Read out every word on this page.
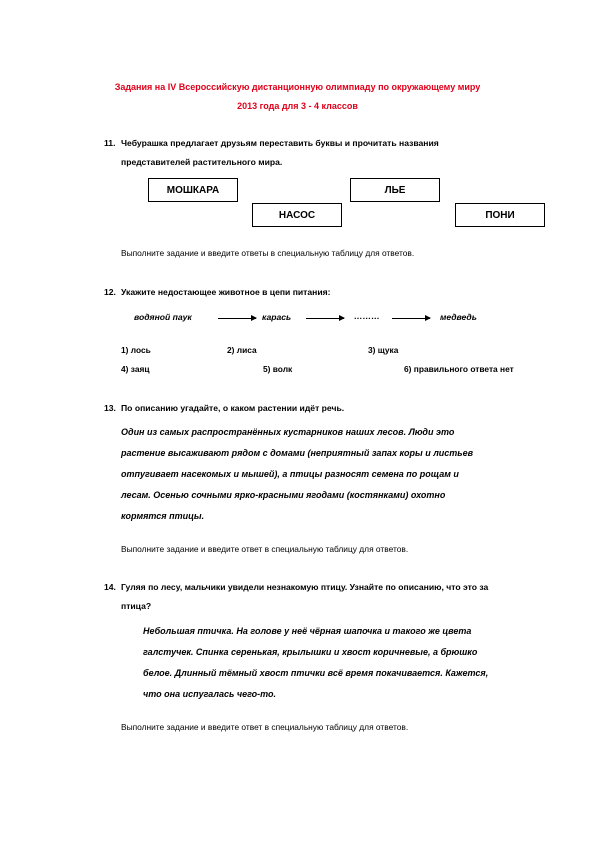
Задания на IV Всероссийскую дистанционную олимпиаду по окружающему миру
2013 года для 3 - 4 классов
11. Чебурашка предлагает друзьям переставить буквы и прочитать названия
представителей растительного мира.
МОШКАРА
НАСОС
ЛЬЕ
ПОНИ
Выполните задание и введите ответы в специальную таблицу для ответов.
12. Укажите недостающее животное в цепи питания:
водяной паук	карась	………	медведь
1) лось	2) лиса	3) щука
4) заяц	5) волк	6) правильного ответа нет
13. По описанию угадайте, о каком растении идёт речь.
Один из самых распространённых кустарников наших лесов. Люди это
растение высаживают рядом с домами (неприятный запах коры и листьев
отпугивает насекомых и мышей), а птицы разносят семена по рощам и
лесам. Осенью сочными ярко-красными ягодами (костянками) охотно
кормятся птицы.
Выполните задание и введите ответ в специальную таблицу для ответов.
14. Гуляя по лесу, мальчики увидели незнакомую птицу. Узнайте по описанию, что это за
птица?
Небольшая птичка. На голове у неё чёрная шапочка и такого же цвета
галстучек. Спинка серенькая, крылышки и хвост коричневые, а брюшко
белое. Длинный тёмный хвост птички всё время покачивается. Кажется,
что она испугалась чего-то.
Выполните задание и введите ответ в специальную таблицу для ответов.
